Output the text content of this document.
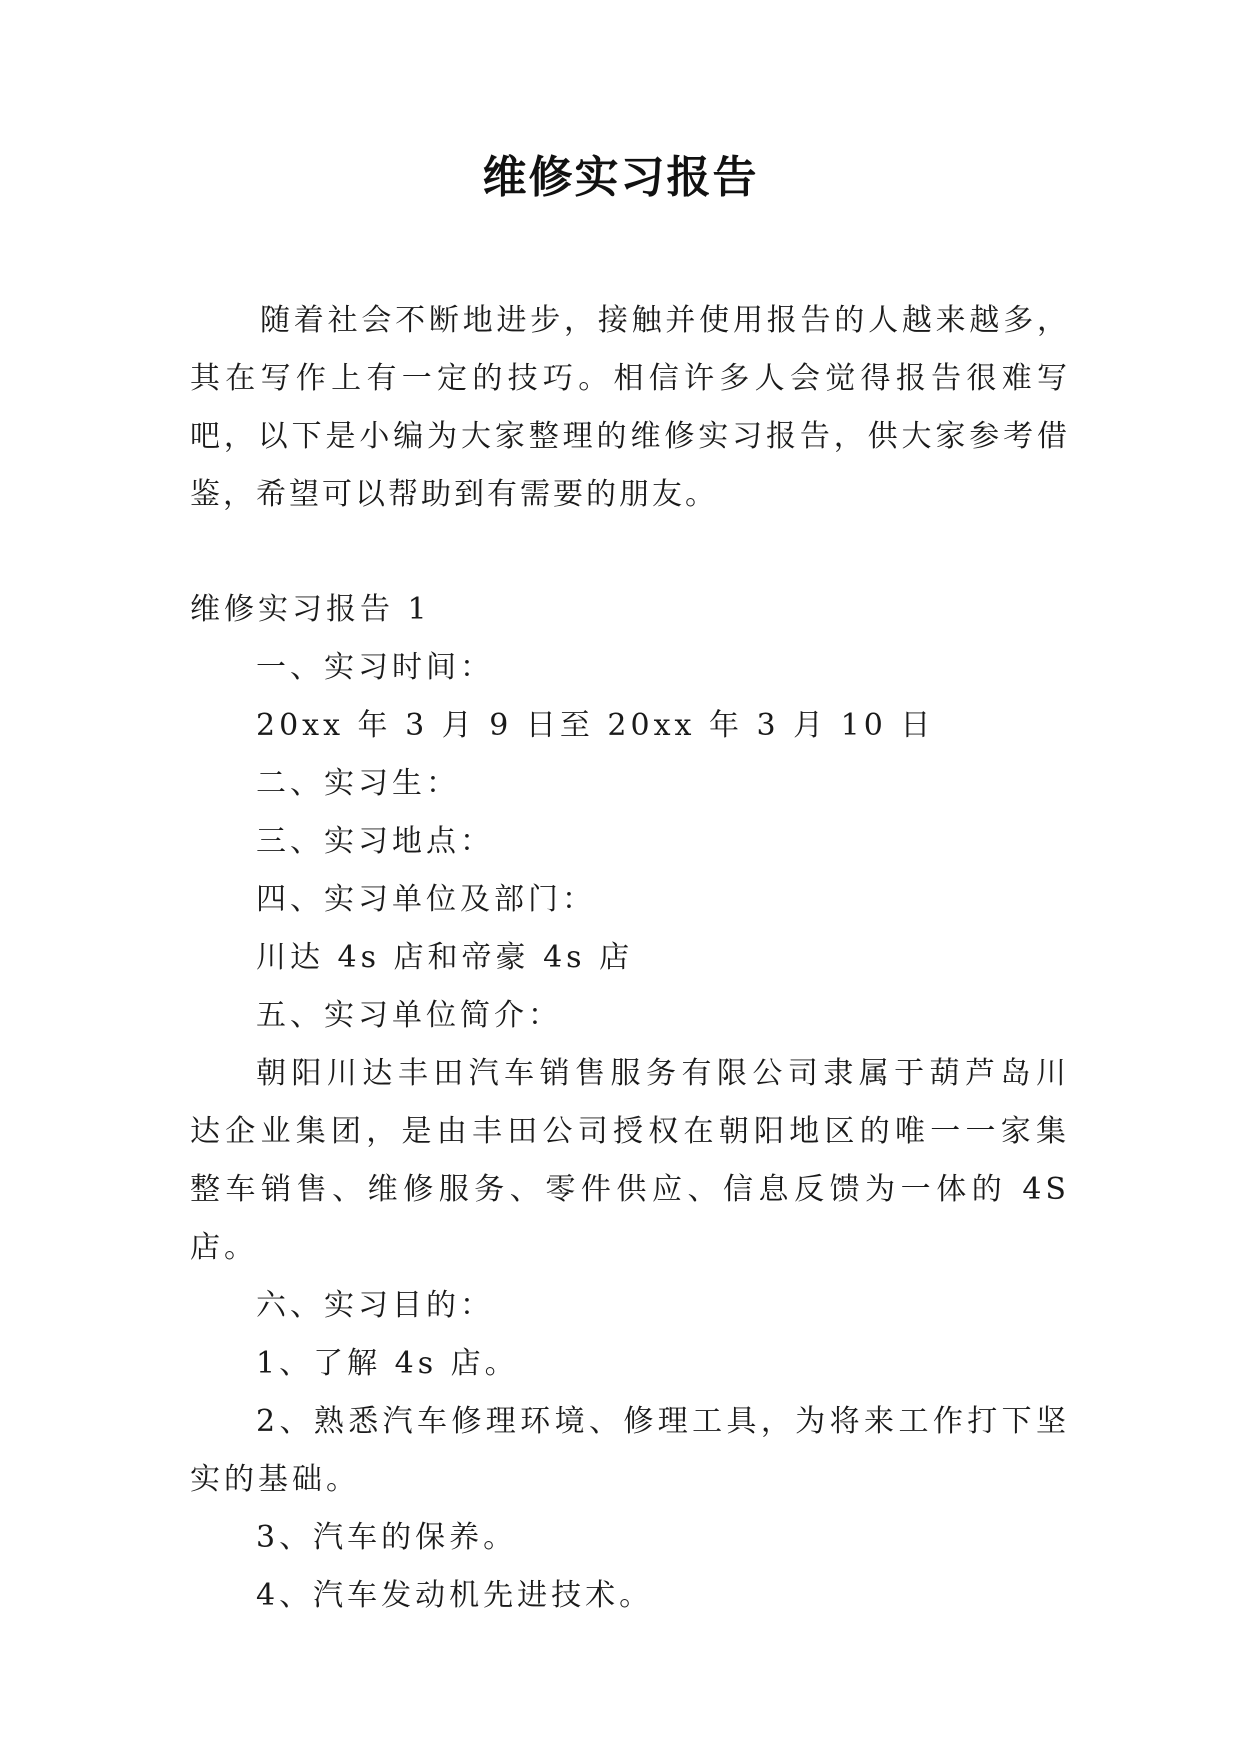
维修实习报告
随着社会不断地进步，接触并使用报告的人越来越多，其在写作上有一定的技巧。相信许多人会觉得报告很难写吧，以下是小编为大家整理的维修实习报告，供大家参考借鉴，希望可以帮助到有需要的朋友。
维修实习报告 1
一、实习时间：
20xx 年 3 月 9 日至 20xx 年 3 月 10 日
二、实习生：
三、实习地点：
四、实习单位及部门：
川达 4s 店和帝豪 4s 店
五、实习单位简介：
朝阳川达丰田汽车销售服务有限公司隶属于葫芦岛川达企业集团，是由丰田公司授权在朝阳地区的唯一一家集整车销售、维修服务、零件供应、信息反馈为一体的 4S 店。
六、实习目的：
1、了解 4s 店。
2、熟悉汽车修理环境、修理工具，为将来工作打下坚实的基础。
3、汽车的保养。
4、汽车发动机先进技术。
